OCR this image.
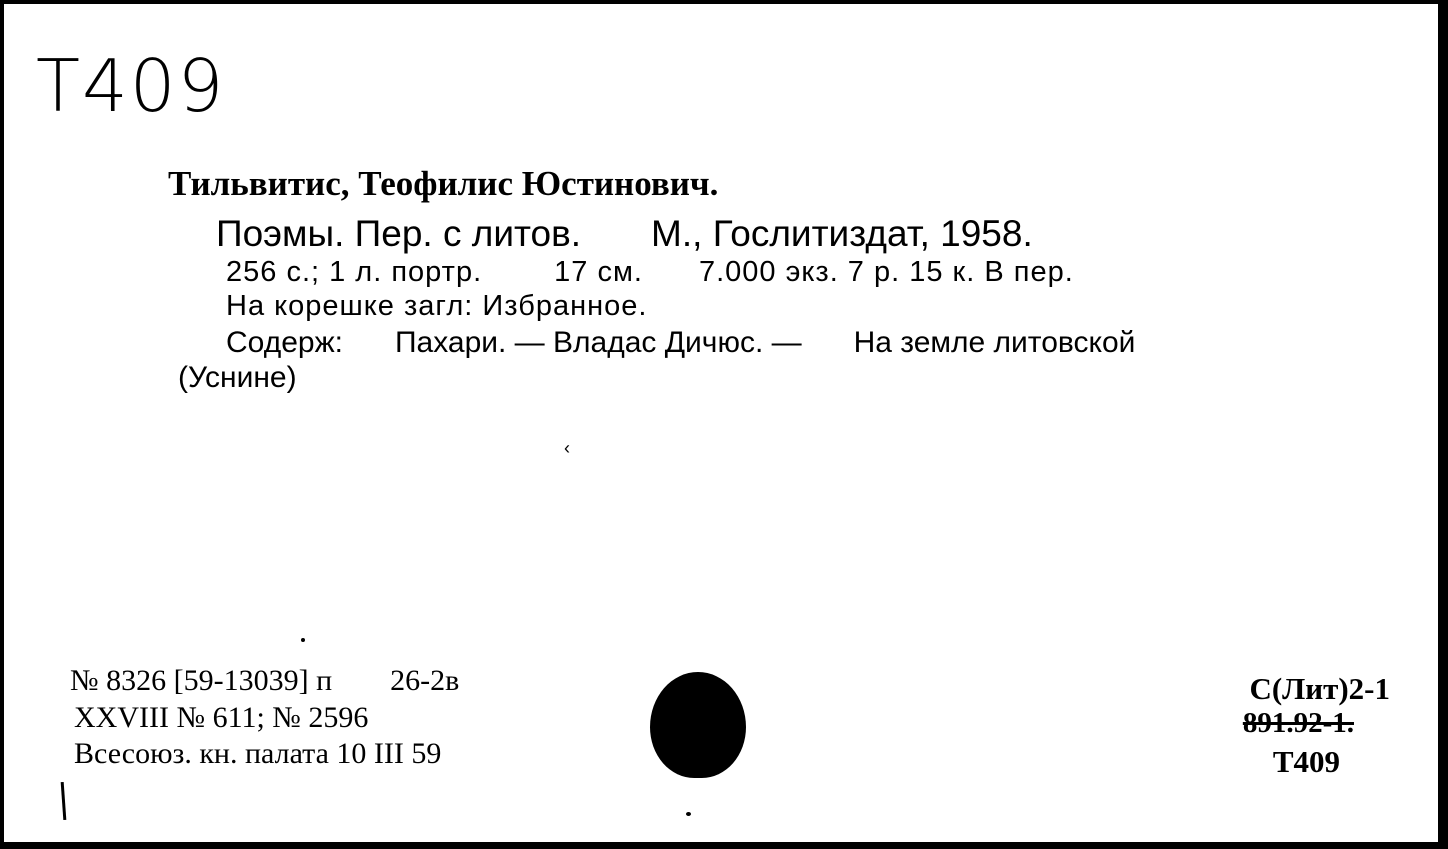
Т409
Тильвитис, Теофилис Юстинович.
Поэмы. Пер. с литов. М., Гослитиздат, 1958.
256 с.; 1 л. портр. 17 см. 7.000 экз. 7 р. 15 к. В пер.
На корешке загл: Избранное.
Содерж: Пахари. — Владас Дичюс. — На земле литовской
(Уснине)
‹
№ 8326 [59-13039] п 26-2в
XXVIII № 611; № 2596
Всесоюз. кн. палата 10 III 59
С(Лит)2-1
891.92-1.
Т409
